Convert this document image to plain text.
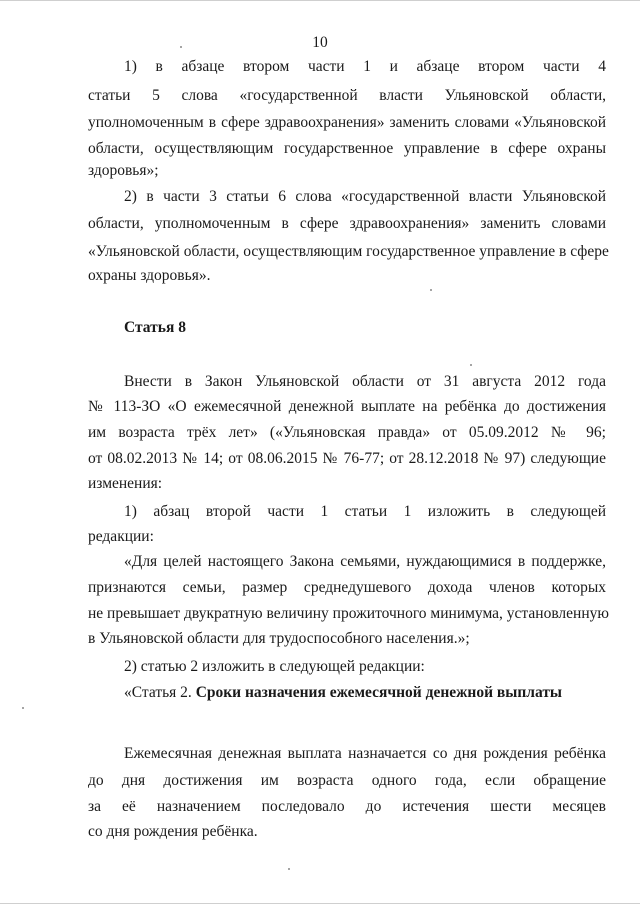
10
1) в абзаце втором части 1 и абзаце втором части 4
статьи 5 слова «государственной власти Ульяновской области,
уполномоченным в сфере здравоохранения» заменить словами «Ульяновской
области, осуществляющим государственное управление в сфере охраны
здоровья»;
2) в части 3 статьи 6 слова «государственной власти Ульяновской
области, уполномоченным в сфере здравоохранения» заменить словами
«Ульяновской области, осуществляющим государственное управление в сфере
охраны здоровья».
Статья 8
Внести в Закон Ульяновской области от 31 августа 2012 года
№ 113-ЗО «О ежемесячной денежной выплате на ребёнка до достижения
им возраста трёх лет» («Ульяновская правда» от 05.09.2012 № 96;
от 08.02.2013 № 14; от 08.06.2015 № 76-77; от 28.12.2018 № 97) следующие
изменения:
1) абзац второй части 1 статьи 1 изложить в следующей
редакции:
«Для целей настоящего Закона семьями, нуждающимися в поддержке,
признаются семьи, размер среднедушевого дохода членов которых
не превышает двукратную величину прожиточного минимума, установленную
в Ульяновской области для трудоспособного населения.»;
2) статью 2 изложить в следующей редакции:
«Статья 2. Сроки назначения ежемесячной денежной выплаты
Ежемесячная денежная выплата назначается со дня рождения ребёнка
до дня достижения им возраста одного года, если обращение
за её назначением последовало до истечения шести месяцев
со дня рождения ребёнка.
